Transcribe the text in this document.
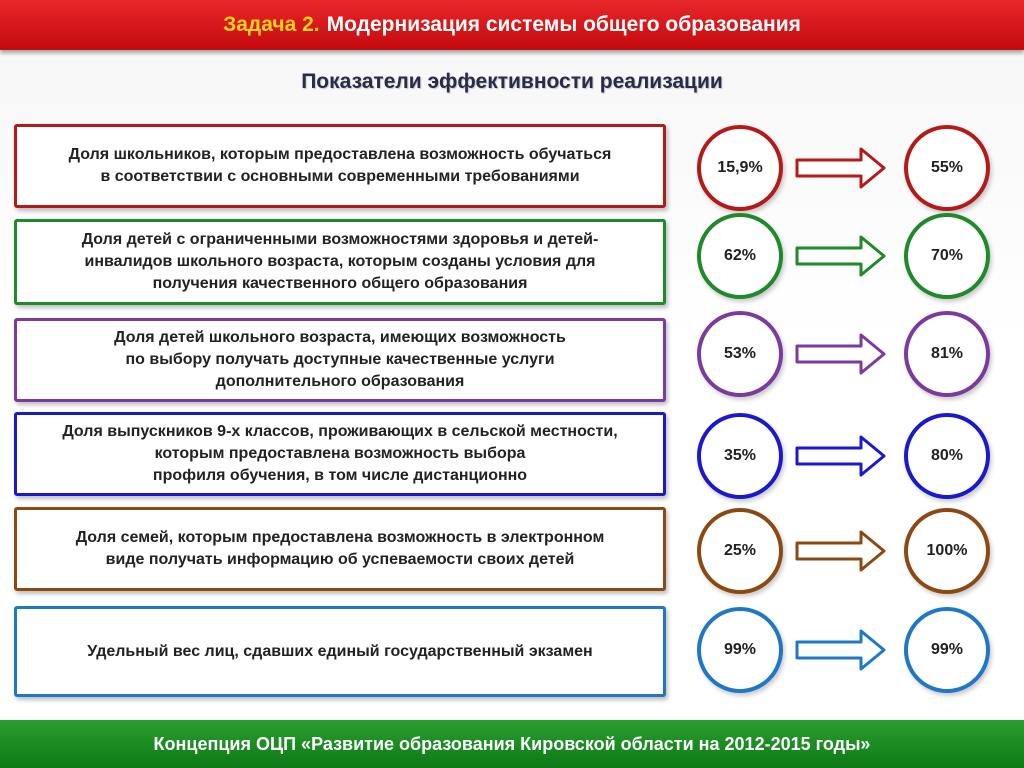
Задача 2. Модернизация системы общего образования
Показатели эффективности реализации
Доля школьников, которым предоставлена возможность обучаться
в соответствии с основными современными требованиями
15,9%	55%
Доля детей с ограниченными возможностями здоровья и детей-
инвалидов школьного возраста, которым созданы условия для
получения качественного общего образования
62%	70%
Доля детей школьного возраста, имеющих возможность
по выбору получать доступные качественные услуги
дополнительного образования
53%	81%
Доля выпускников 9-х классов, проживающих в сельской местности,
которым предоставлена возможность выбора
профиля обучения, в том числе дистанционно
35%	80%
Доля семей, которым предоставлена возможность в электронном
виде получать информацию об успеваемости своих детей
25%	100%
Удельный вес лиц, сдавших единый государственный экзамен	99%	99%
Концепция ОЦП «Развитие образования Кировской области на 2012-2015 годы»
